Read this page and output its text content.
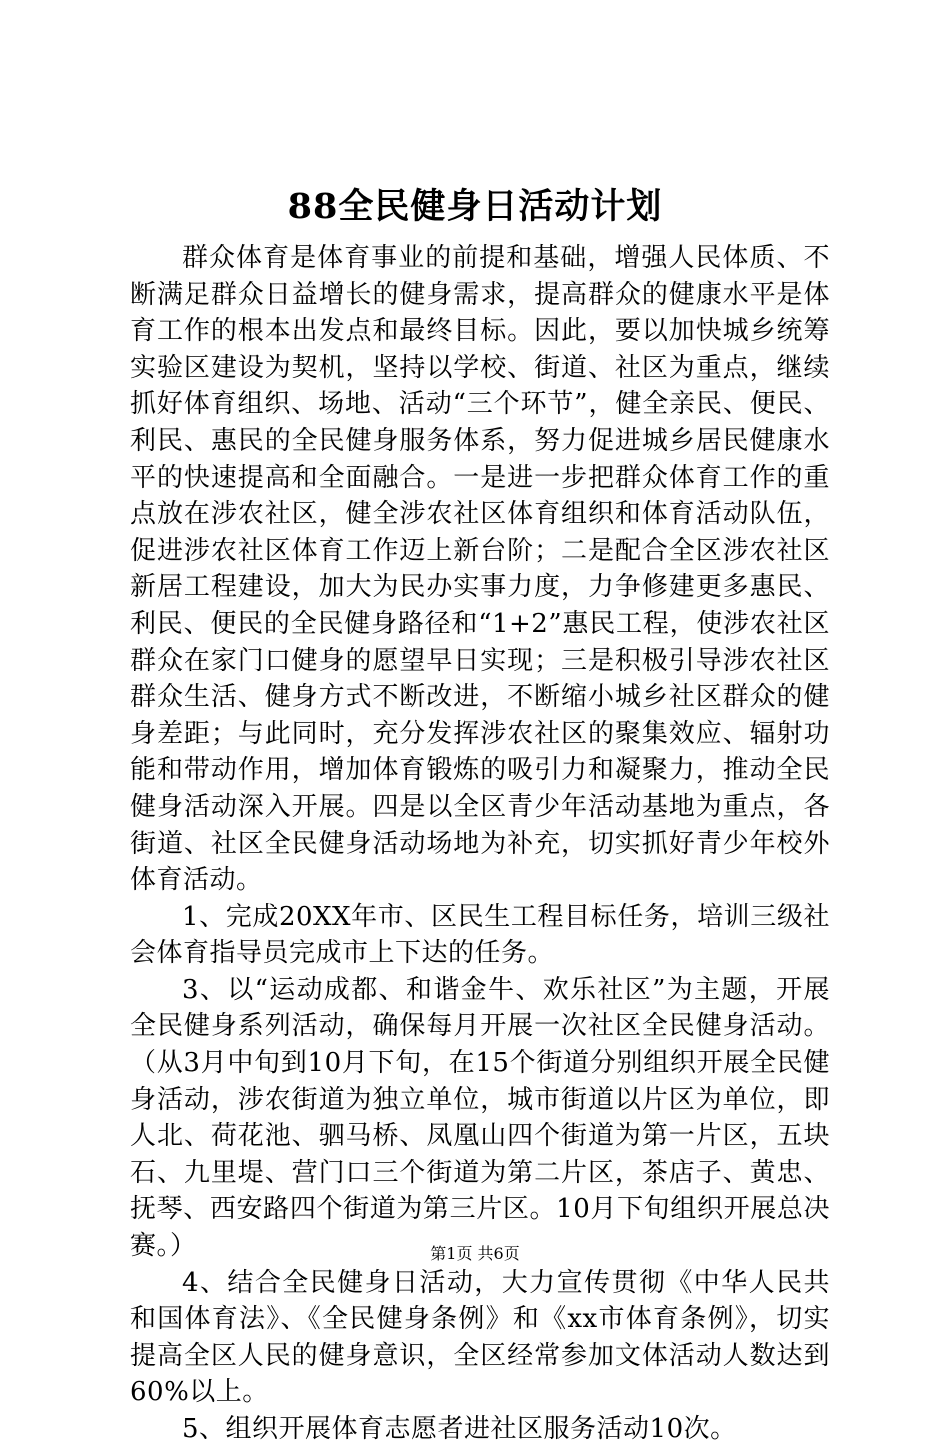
88全民健身日活动计划

群众体育是体育事业的前提和基础，增强人民体质、不断满足群众日益增长的健身需求，提高群众的健康水平是体育工作的根本出发点和最终目标。因此，要以加快城乡统筹实验区建设为契机，坚持以学校、街道、社区为重点，继续抓好体育组织、场地、活动“三个环节”，健全亲民、便民、利民、惠民的全民健身服务体系，努力促进城乡居民健康水平的快速提高和全面融合。一是进一步把群众体育工作的重点放在涉农社区，健全涉农社区体育组织和体育活动队伍，促进涉农社区体育工作迈上新台阶；二是配合全区涉农社区新居工程建设，加大为民办实事力度，力争修建更多惠民、利民、便民的全民健身路径和“1+2”惠民工程，使涉农社区群众在家门口健身的愿望早日实现；三是积极引导涉农社区群众生活、健身方式不断改进，不断缩小城乡社区群众的健身差距；与此同时，充分发挥涉农社区的聚集效应、辐射功能和带动作用，增加体育锻炼的吸引力和凝聚力，推动全民健身活动深入开展。四是以全区青少年活动基地为重点，各街道、社区全民健身活动场地为补充，切实抓好青少年校外体育活动。

1、完成20XX年市、区民生工程目标任务，培训三级社会体育指导员完成市上下达的任务。

3、以“运动成都、和谐金牛、欢乐社区”为主题，开展全民健身系列活动，确保每月开展一次社区全民健身活动。（从3月中旬到10月下旬，在15个街道分别组织开展全民健身活动，涉农街道为独立单位，城市街道以片区为单位，即人北、荷花池、驷马桥、凤凰山四个街道为第一片区，五块石、九里堤、营门口三个街道为第二片区，茶店子、黄忠、抚琴、西安路四个街道为第三片区。10月下旬组织开展总决赛。）

4、结合全民健身日活动，大力宣传贯彻《中华人民共和国体育法》、《全民健身条例》和《xx市体育条例》，切实提高全区人民的健身意识，全区经常参加文体活动人数达到60%以上。

5、组织开展体育志愿者进社区服务活动10次。

第1页 共6页
